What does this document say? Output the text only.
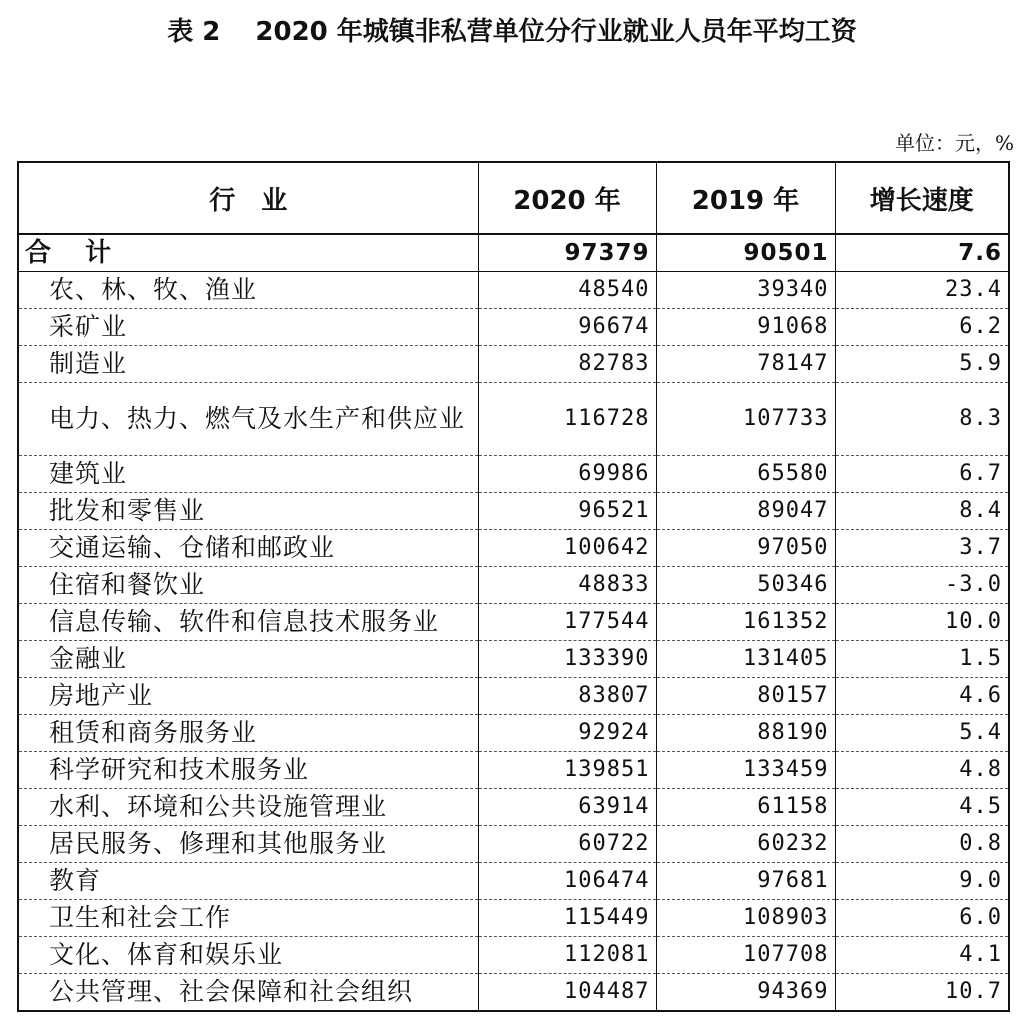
表 2　 2020 年城镇非私营单位分行业就业人员年平均工资
单位：元，%
行　业	2020 年	2019 年	增长速度
合　计	97379	90501	7.6
农、林、牧、渔业	48540	39340	23.4
采矿业	96674	91068	6.2
制造业	82783	78147	5.9
电力、热力、燃气及水生产和供应业	116728	107733	8.3
建筑业	69986	65580	6.7
批发和零售业	96521	89047	8.4
交通运输、仓储和邮政业	100642	97050	3.7
住宿和餐饮业	48833	50346	-3.0
信息传输、软件和信息技术服务业	177544	161352	10.0
金融业	133390	131405	1.5
房地产业	83807	80157	4.6
租赁和商务服务业	92924	88190	5.4
科学研究和技术服务业	139851	133459	4.8
水利、环境和公共设施管理业	63914	61158	4.5
居民服务、修理和其他服务业	60722	60232	0.8
教育	106474	97681	9.0
卫生和社会工作	115449	108903	6.0
文化、体育和娱乐业	112081	107708	4.1
公共管理、社会保障和社会组织	104487	94369	10.7
